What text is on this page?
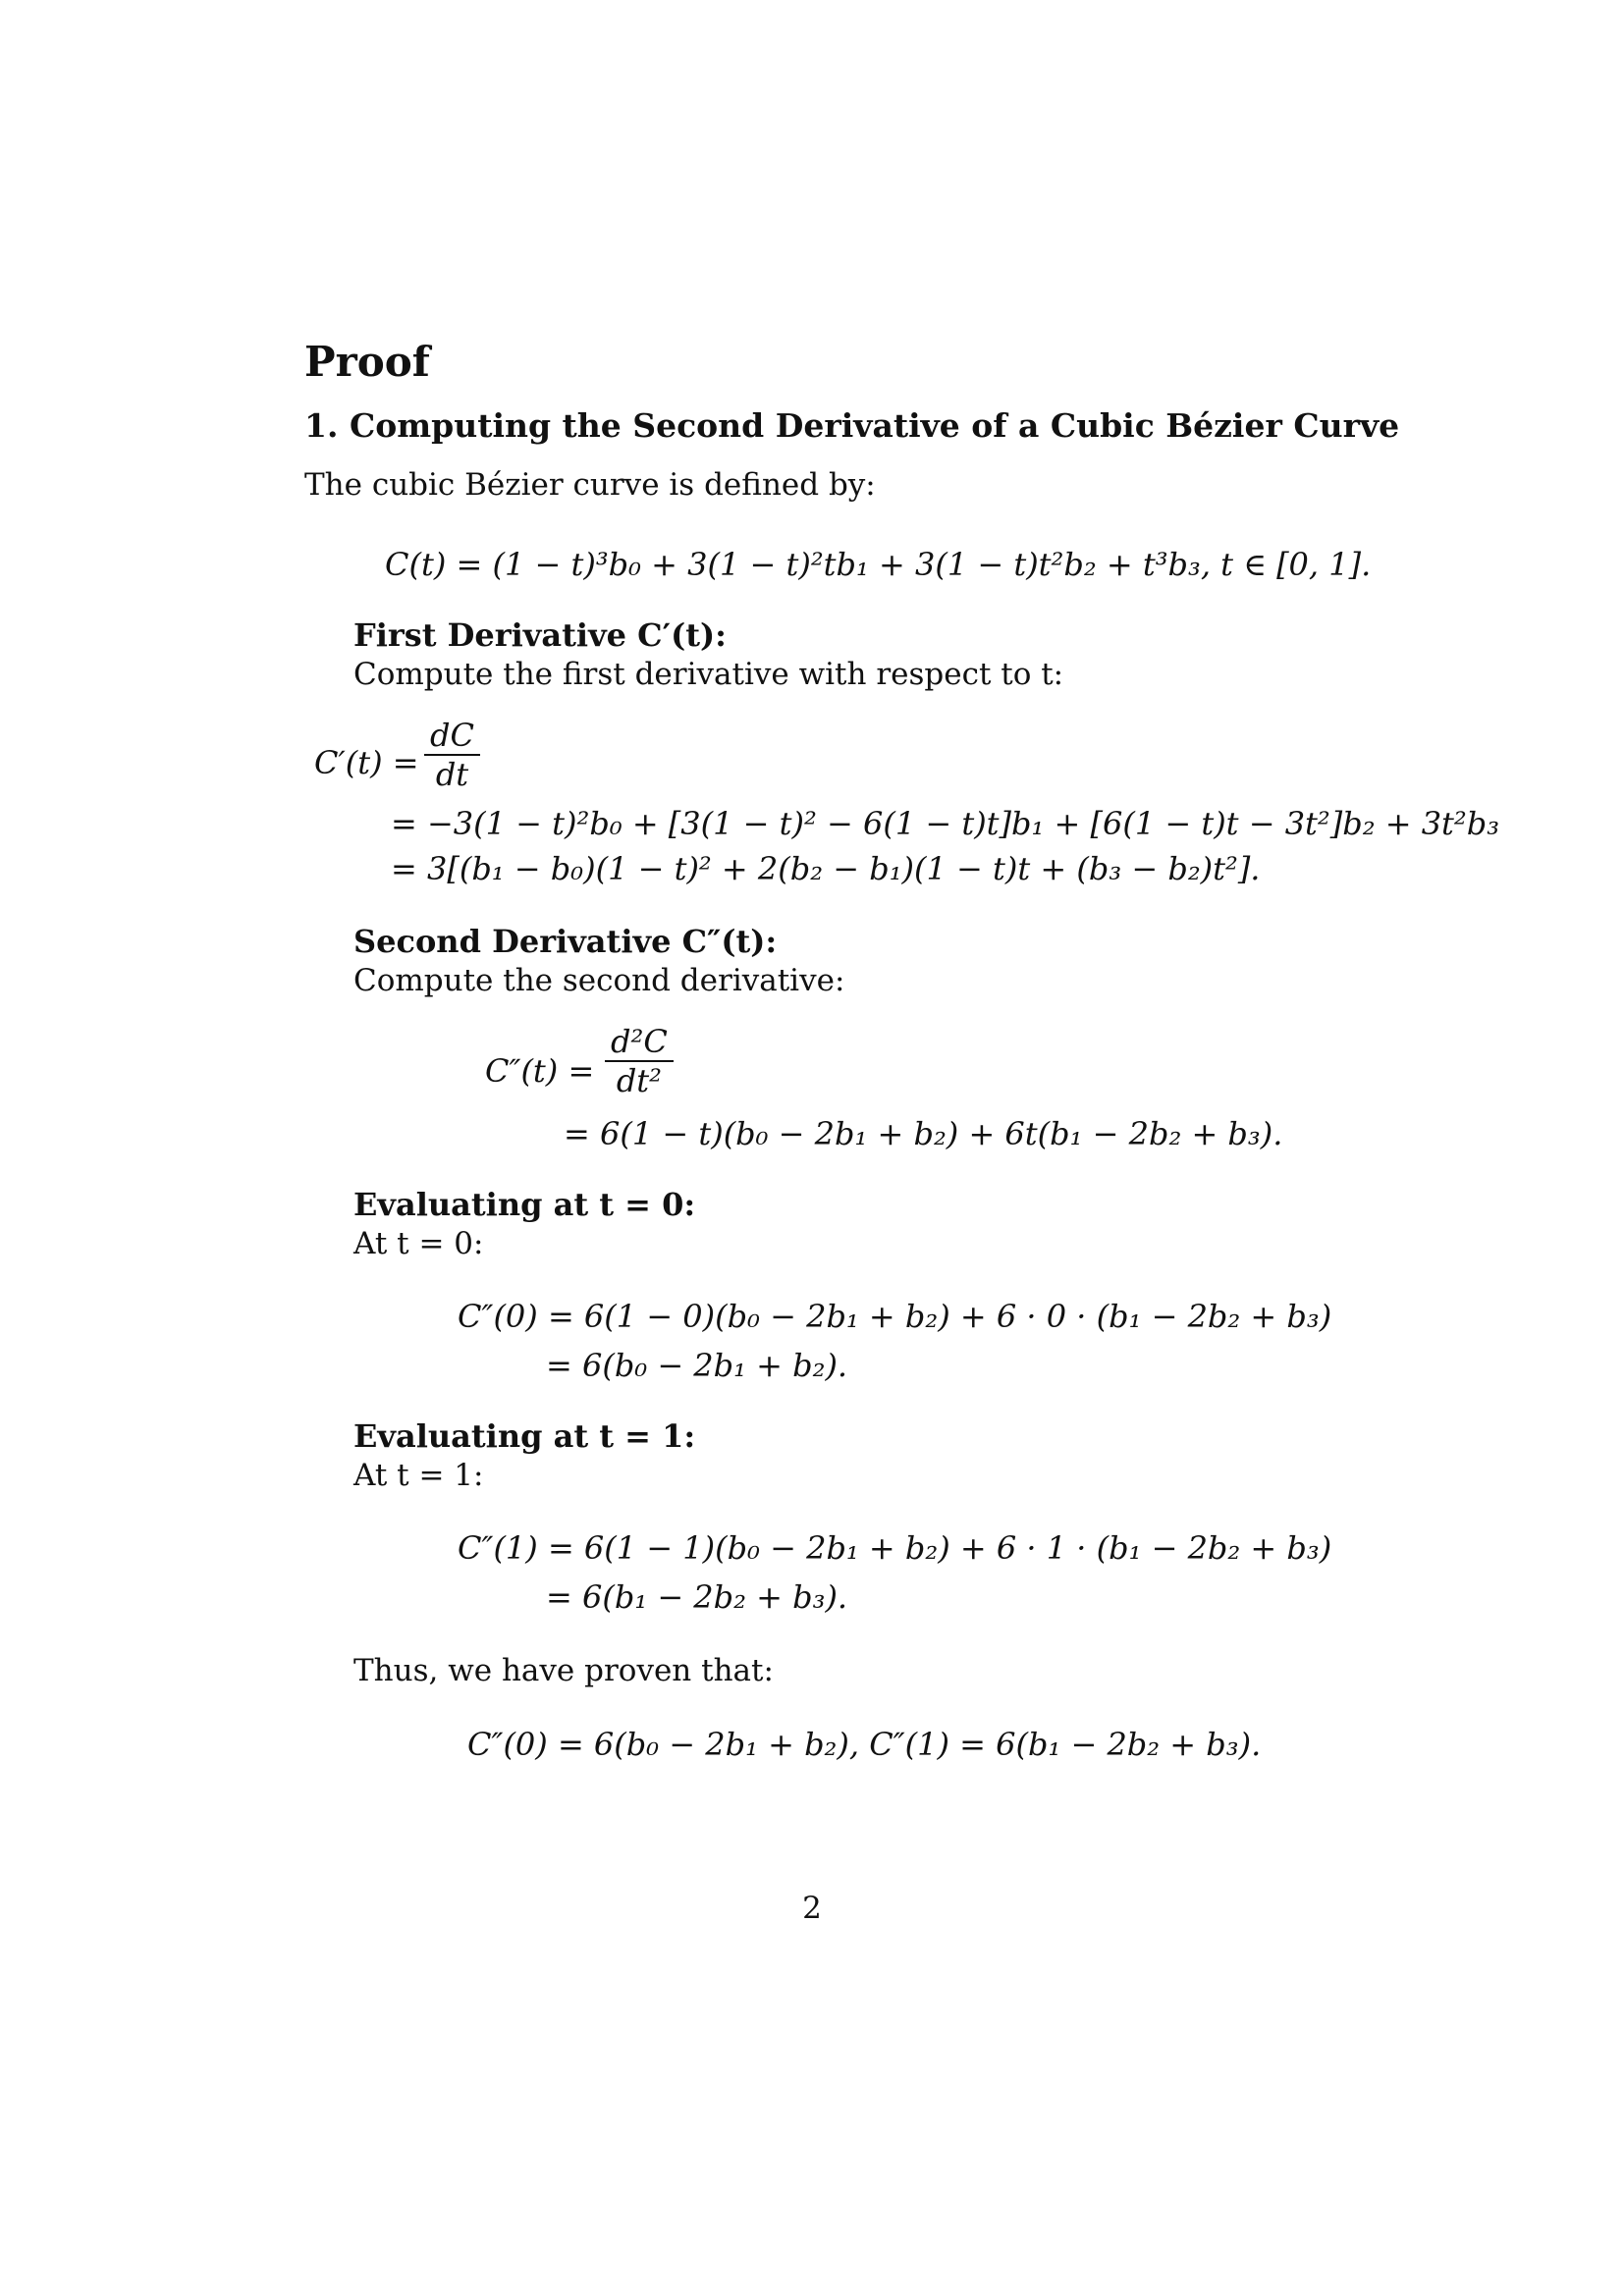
Proof
1. Computing the Second Derivative of a Cubic Bézier Curve
The cubic Bézier curve is defined by:
C(t) = (1 − t)³b₀ + 3(1 − t)²tb₁ + 3(1 − t)t²b₂ + t³b₃, t ∈ [0, 1].
First Derivative C′(t):
Compute the first derivative with respect to t:
$C'(t) = \frac{dC}{dt}$
= −3(1 − t)²b₀ + [3(1 − t)² − 6(1 − t)t]b₁ + [6(1 − t)t − 3t²]b₂ + 3t²b₃
= 3[(b₁ − b₀)(1 − t)² + 2(b₂ − b₁)(1 − t)t + (b₃ − b₂)t²].
Second Derivative C″(t):
Compute the second derivative:
$C''(t) = \frac{\text{d²C}}{\text{dt²}}$
= 6(1 − t)(b₀ − 2b₁ + b₂) + 6t(b₁ − 2b₂ + b₃).
Evaluating at t = 0:
At t = 0:
C″(0) = 6(1 − 0)(b₀ − 2b₁ + b₂) + 6 · 0 · (b₁ − 2b₂ + b₃)
= 6(b₀ − 2b₁ + b₂).
Evaluating at t = 1:
At t = 1:
C″(1) = 6(1 − 1)(b₀ − 2b₁ + b₂) + 6 · 1 · (b₁ − 2b₂ + b₃)
= 6(b₁ − 2b₂ + b₃).
Thus, we have proven that:
C″(0) = 6(b₀ − 2b₁ + b₂), C″(1) = 6(b₁ − 2b₂ + b₃).
2
